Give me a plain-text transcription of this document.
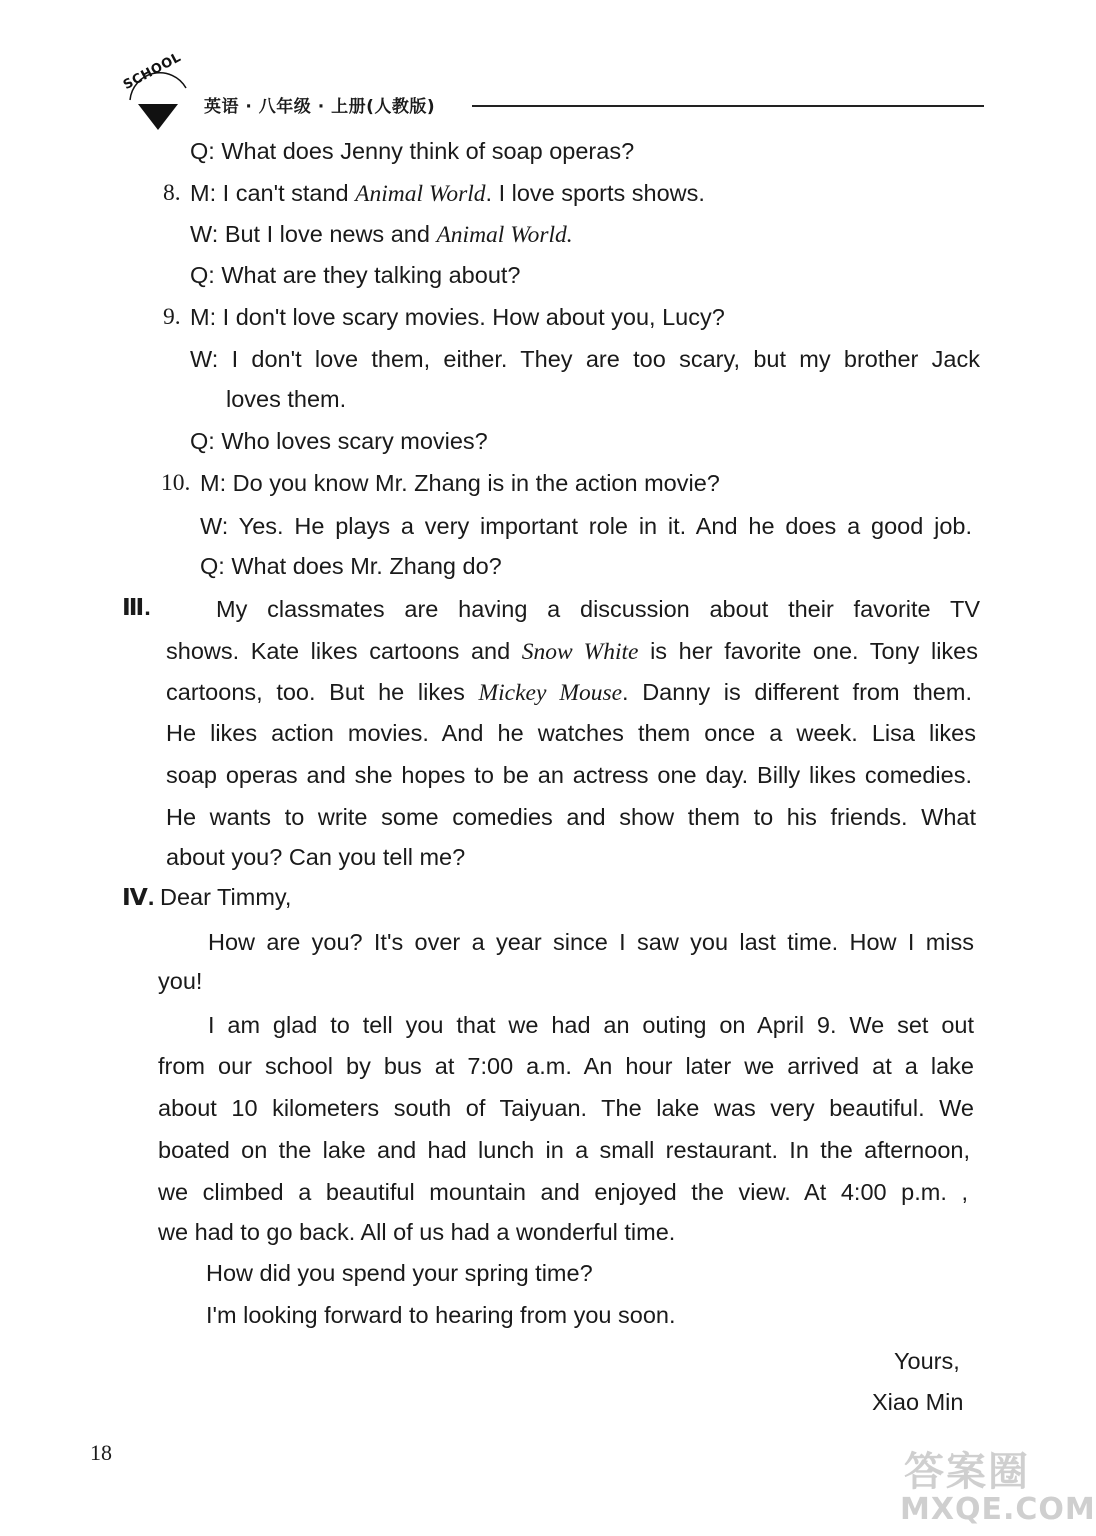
SCHOOL
英语 · 八年级 · 上册(人教版)
Q: What does Jenny think of soap operas?
8. M: I can't stand Animal World. I love sports shows.
W: But I love news and Animal World.
Q: What are they talking about?
9. M: I don't love scary movies. How about you, Lucy?
W: I don't love them, either. They are too scary, but my brother Jack
loves them.
Q: Who loves scary movies?
10. M: Do you know Mr. Zhang is in the action movie?
W: Yes. He plays a very important role in it. And he does a good job.
Q: What does Mr. Zhang do?
Ⅲ.	My classmates are having a discussion about their favorite TV
shows. Kate likes cartoons and Snow White is her favorite one. Tony likes
cartoons, too. But he likes Mickey Mouse. Danny is different from them.
He likes action movies. And he watches them once a week. Lisa likes
soap operas and she hopes to be an actress one day. Billy likes comedies.
He wants to write some comedies and show them to his friends. What
about you? Can you tell me?
Ⅳ. Dear Timmy,
How are you? It's over a year since I saw you last time. How I miss
you!
I am glad to tell you that we had an outing on April 9. We set out
from our school by bus at 7:00 a.m. An hour later we arrived at a lake
about 10 kilometers south of Taiyuan. The lake was very beautiful. We
boated on the lake and had lunch in a small restaurant. In the afternoon,
we climbed a beautiful mountain and enjoyed the view. At 4:00 p.m. ,
we had to go back. All of us had a wonderful time.
How did you spend your spring time?
I'm looking forward to hearing from you soon.
Yours,
Xiao Min
18	答案圈
MXQE.COM
